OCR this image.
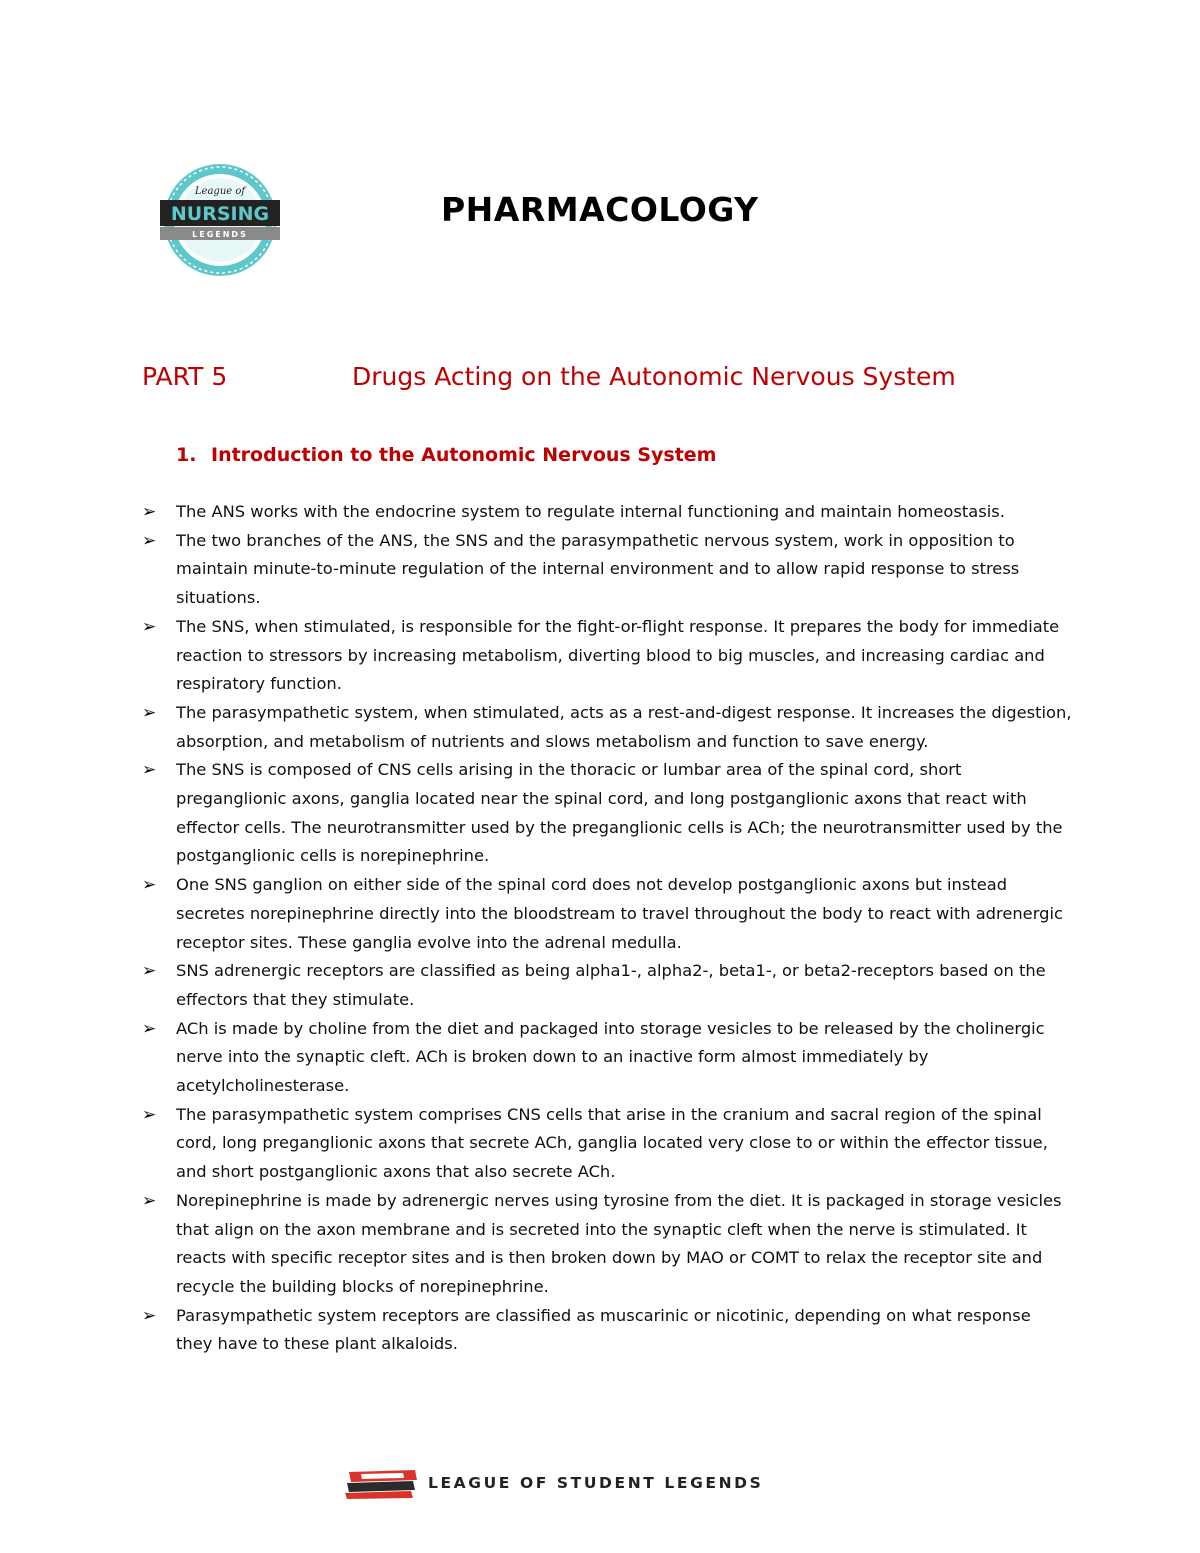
League of
NURSING
LEGENDS
PHARMACOLOGY
PART 5	Drugs Acting on the Autonomic Nervous System
1. Introduction to the Autonomic Nervous System
➢ The ANS works with the endocrine system to regulate internal functioning and maintain homeostasis.
➢ The two branches of the ANS, the SNS and the parasympathetic nervous system, work in opposition to maintain minute-to-minute regulation of the internal environment and to allow rapid response to stress situations.
➢ The SNS, when stimulated, is responsible for the fight-or-flight response. It prepares the body for immediate reaction to stressors by increasing metabolism, diverting blood to big muscles, and increasing cardiac and respiratory function.
➢ The parasympathetic system, when stimulated, acts as a rest-and-digest response. It increases the digestion, absorption, and metabolism of nutrients and slows metabolism and function to save energy.
➢ The SNS is composed of CNS cells arising in the thoracic or lumbar area of the spinal cord, short preganglionic axons, ganglia located near the spinal cord, and long postganglionic axons that react with effector cells. The neurotransmitter used by the preganglionic cells is ACh; the neurotransmitter used by the postganglionic cells is norepinephrine.
➢ One SNS ganglion on either side of the spinal cord does not develop postganglionic axons but instead secretes norepinephrine directly into the bloodstream to travel throughout the body to react with adrenergic receptor sites. These ganglia evolve into the adrenal medulla.
➢ SNS adrenergic receptors are classified as being alpha1-, alpha2-, beta1-, or beta2-receptors based on the effectors that they stimulate.
➢ ACh is made by choline from the diet and packaged into storage vesicles to be released by the cholinergic nerve into the synaptic cleft. ACh is broken down to an inactive form almost immediately by acetylcholinesterase.
➢ The parasympathetic system comprises CNS cells that arise in the cranium and sacral region of the spinal cord, long preganglionic axons that secrete ACh, ganglia located very close to or within the effector tissue, and short postganglionic axons that also secrete ACh.
➢ Norepinephrine is made by adrenergic nerves using tyrosine from the diet. It is packaged in storage vesicles that align on the axon membrane and is secreted into the synaptic cleft when the nerve is stimulated. It reacts with specific receptor sites and is then broken down by MAO or COMT to relax the receptor site and recycle the building blocks of norepinephrine.
➢ Parasympathetic system receptors are classified as muscarinic or nicotinic, depending on what response they have to these plant alkaloids.
LEAGUE OF STUDENT LEGENDS
